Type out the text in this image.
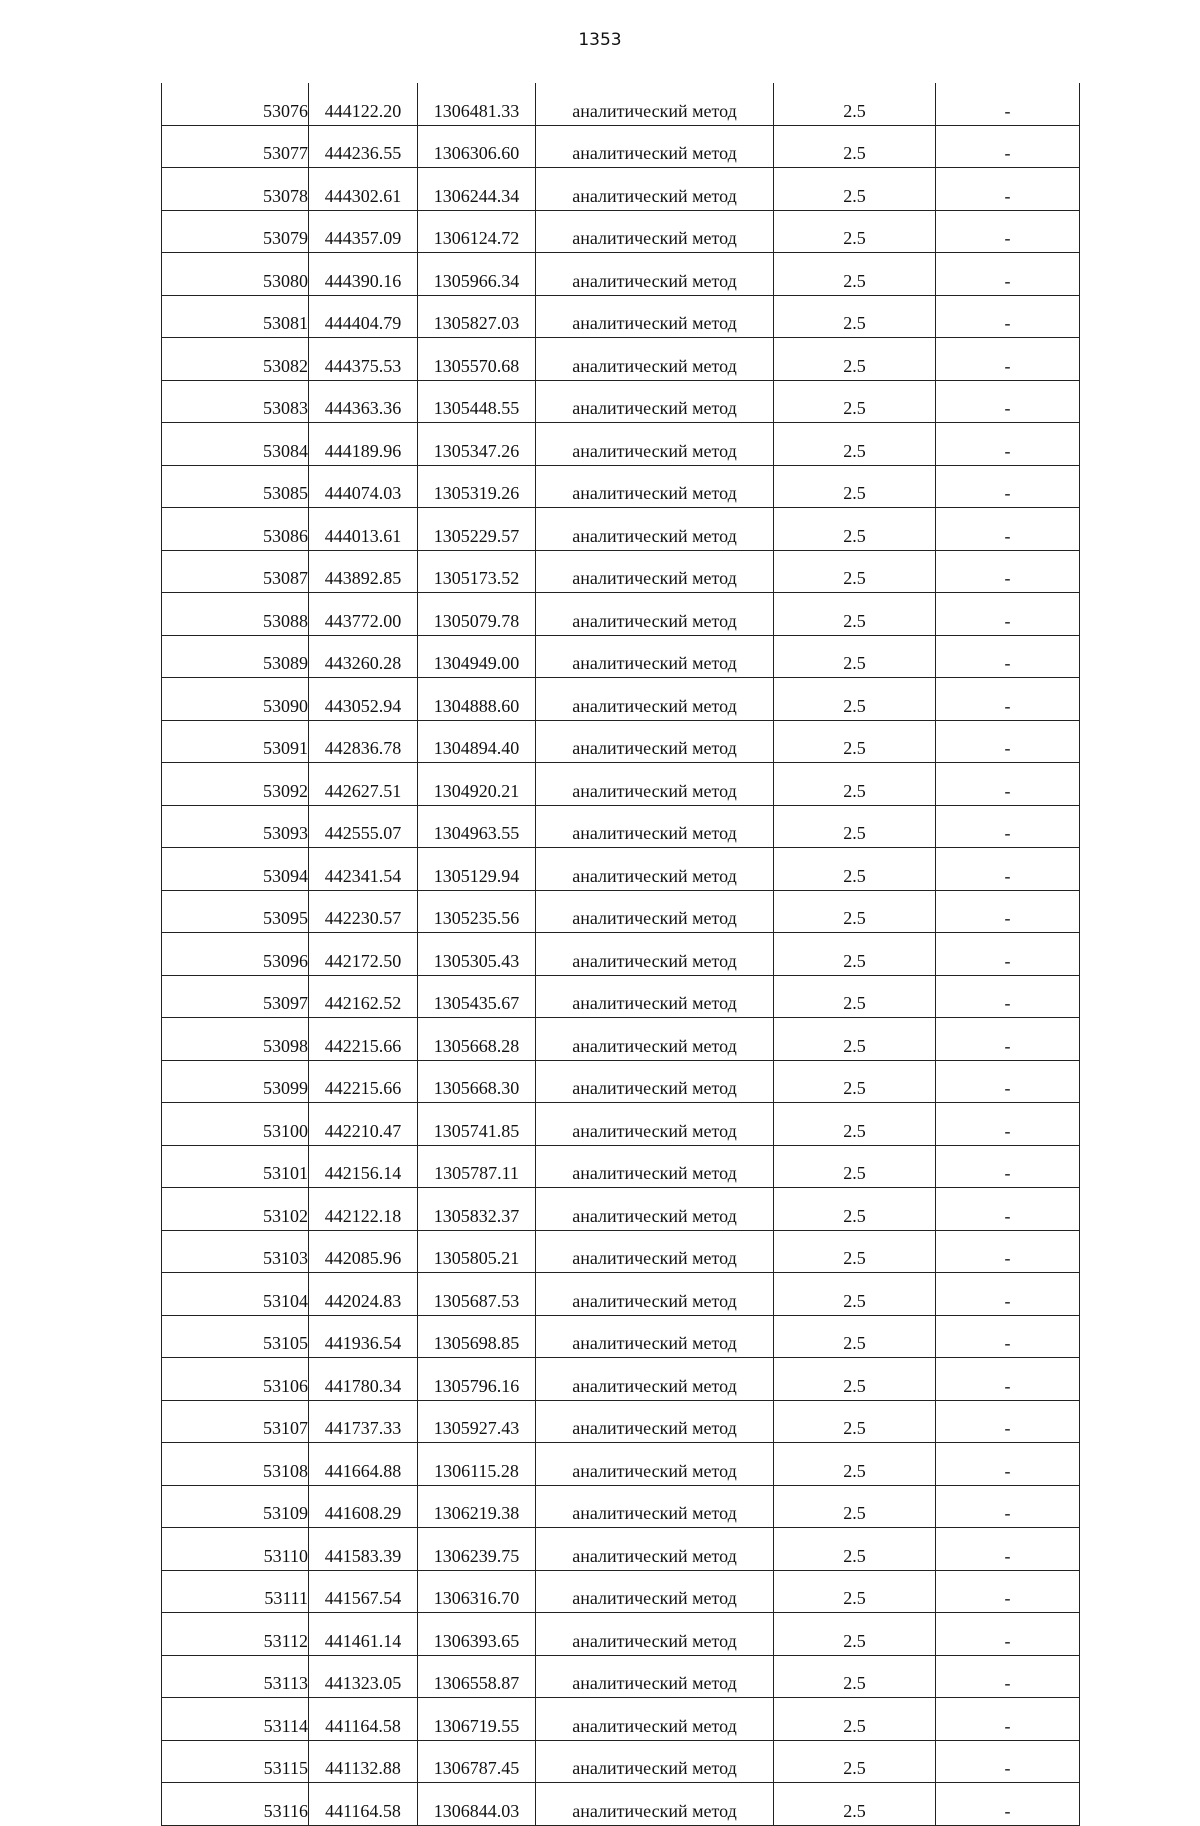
1353
53076	444122.20	1306481.33	аналитический метод	2.5	-
53077	444236.55	1306306.60	аналитический метод	2.5	-
53078	444302.61	1306244.34	аналитический метод	2.5	-
53079	444357.09	1306124.72	аналитический метод	2.5	-
53080	444390.16	1305966.34	аналитический метод	2.5	-
53081	444404.79	1305827.03	аналитический метод	2.5	-
53082	444375.53	1305570.68	аналитический метод	2.5	-
53083	444363.36	1305448.55	аналитический метод	2.5	-
53084	444189.96	1305347.26	аналитический метод	2.5	-
53085	444074.03	1305319.26	аналитический метод	2.5	-
53086	444013.61	1305229.57	аналитический метод	2.5	-
53087	443892.85	1305173.52	аналитический метод	2.5	-
53088	443772.00	1305079.78	аналитический метод	2.5	-
53089	443260.28	1304949.00	аналитический метод	2.5	-
53090	443052.94	1304888.60	аналитический метод	2.5	-
53091	442836.78	1304894.40	аналитический метод	2.5	-
53092	442627.51	1304920.21	аналитический метод	2.5	-
53093	442555.07	1304963.55	аналитический метод	2.5	-
53094	442341.54	1305129.94	аналитический метод	2.5	-
53095	442230.57	1305235.56	аналитический метод	2.5	-
53096	442172.50	1305305.43	аналитический метод	2.5	-
53097	442162.52	1305435.67	аналитический метод	2.5	-
53098	442215.66	1305668.28	аналитический метод	2.5	-
53099	442215.66	1305668.30	аналитический метод	2.5	-
53100	442210.47	1305741.85	аналитический метод	2.5	-
53101	442156.14	1305787.11	аналитический метод	2.5	-
53102	442122.18	1305832.37	аналитический метод	2.5	-
53103	442085.96	1305805.21	аналитический метод	2.5	-
53104	442024.83	1305687.53	аналитический метод	2.5	-
53105	441936.54	1305698.85	аналитический метод	2.5	-
53106	441780.34	1305796.16	аналитический метод	2.5	-
53107	441737.33	1305927.43	аналитический метод	2.5	-
53108	441664.88	1306115.28	аналитический метод	2.5	-
53109	441608.29	1306219.38	аналитический метод	2.5	-
53110	441583.39	1306239.75	аналитический метод	2.5	-
53111	441567.54	1306316.70	аналитический метод	2.5	-
53112	441461.14	1306393.65	аналитический метод	2.5	-
53113	441323.05	1306558.87	аналитический метод	2.5	-
53114	441164.58	1306719.55	аналитический метод	2.5	-
53115	441132.88	1306787.45	аналитический метод	2.5	-
53116	441164.58	1306844.03	аналитический метод	2.5	-
